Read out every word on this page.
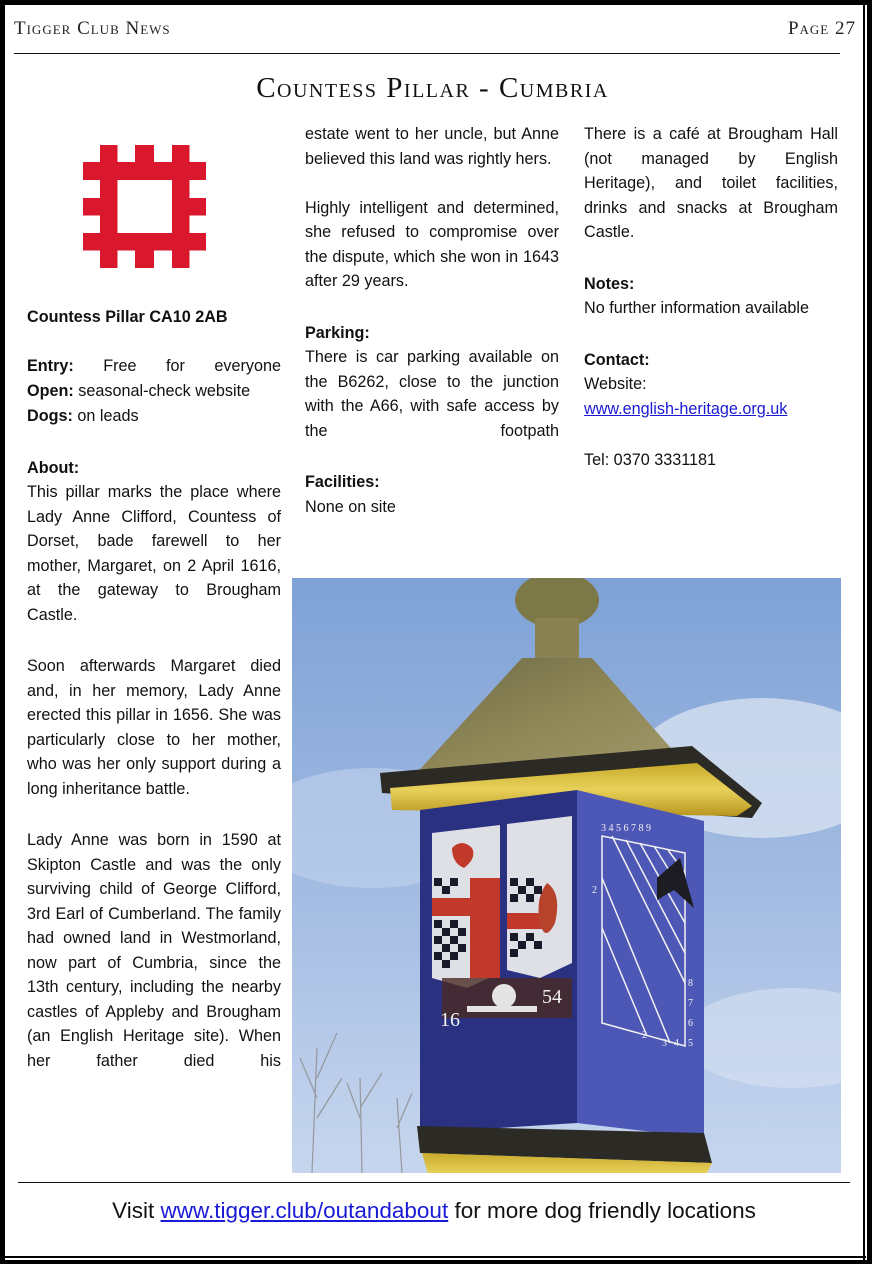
Tigger Club News	Page 27
Countess Pillar - Cumbria

Countess Pillar CA10 2AB

Entry: Free for everyone

Open: seasonal-check website

Dogs: on leads

About:

This pillar marks the place where Lady Anne Clifford, Countess of Dorset, bade farewell to her mother, Margaret, on 2 April 1616, at the gateway to Brougham Castle.

Soon afterwards Margaret died and, in her memory, Lady Anne erected this pillar in 1656. She was particularly close to her mother, who was her only support during a long inheritance battle.

Lady Anne was born in 1590 at Skipton Castle and was the only surviving child of George Clifford, 3rd Earl of Cumberland. The family had owned land in Westmorland, now part of Cumbria, since the 13th century, including the nearby castles of Appleby and Brougham (an English Heritage site). When her father died his

estate went to her uncle, but Anne believed this land was rightly hers.

Highly intelligent and determined, she refused to compromise over the dispute, which she won in 1643 after 29 years.

Parking:

There is car parking available on the B6262, close to the junction with the A66, with safe access by the footpath

Facilities:

None on site

There is a café at Brougham Hall (not managed by English Heritage), and toilet facilities, drinks and snacks at Brougham Castle.

Notes:

No further information available

Contact:

Website:

www.english-heritage.org.uk

Tel: 0370 3331181

16
54
3 4 5 6 7 8 9
8
7
6
5
2
3 4
2
Visit www.tigger.club/outandabout for more dog friendly locations
